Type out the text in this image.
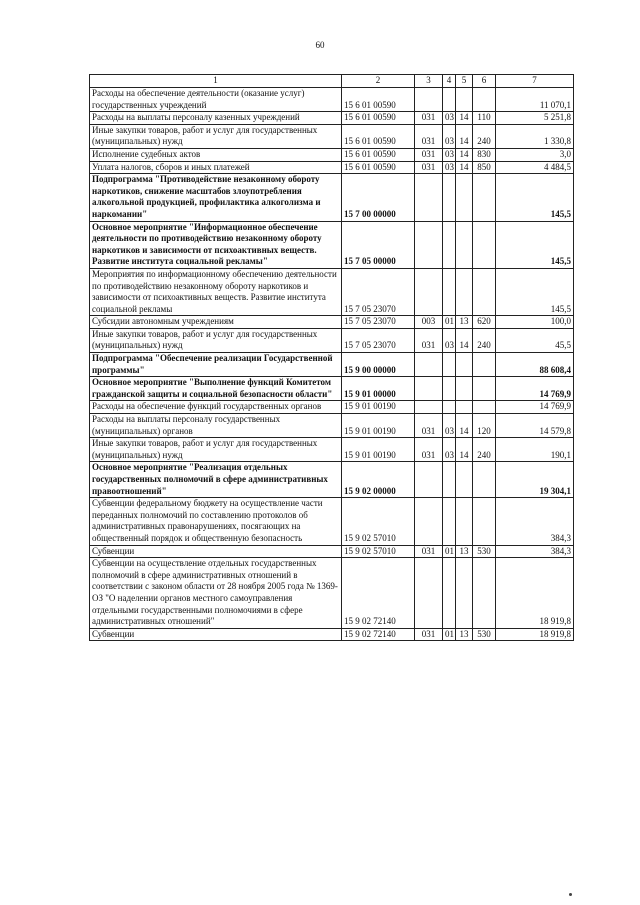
60
1	2	3	4	5	6	7
Расходы на обеспечение деятельности (оказание услуг) государственных учреждений	15 6 01 00590					11 070,1
Расходы на выплаты персоналу казенных учреждений	15 6 01 00590	031	03	14	110	5 251,8
Иные закупки товаров, работ и услуг для государственных (муниципальных) нужд	15 6 01 00590	031	03	14	240	1 330,8
Исполнение судебных актов	15 6 01 00590	031	03	14	830	3,0
Уплата налогов, сборов и иных платежей	15 6 01 00590	031	03	14	850	4 484,5
Подпрограмма "Противодействие незаконному обороту наркотиков, снижение масштабов злоупотребления алкогольной продукцией, профилактика алкоголизма и наркомании"	15 7 00 00000					145,5
Основное мероприятие "Информационное обеспечение деятельности по противодействию незаконному обороту наркотиков и зависимости от психоактивных веществ. Развитие института социальной рекламы"	15 7 05 00000					145,5
Мероприятия по информационному обеспечению деятельности по противодействию незаконному обороту наркотиков и зависимости от психоактивных веществ. Развитие института социальной рекламы	15 7 05 23070					145,5
Субсидии автономным учреждениям	15 7 05 23070	003	01	13	620	100,0
Иные закупки товаров, работ и услуг для государственных (муниципальных) нужд	15 7 05 23070	031	03	14	240	45,5
Подпрограмма "Обеспечение реализации Государственной программы"	15 9 00 00000					88 608,4
Основное мероприятие "Выполнение функций Комитетом гражданской защиты и социальной безопасности области"	15 9 01 00000					14 769,9
Расходы на обеспечение функций государственных органов	15 9 01 00190					14 769,9
Расходы на выплаты персоналу государственных (муниципальных) органов	15 9 01 00190	031	03	14	120	14 579,8
Иные закупки товаров, работ и услуг для государственных (муниципальных) нужд	15 9 01 00190	031	03	14	240	190,1
Основное мероприятие "Реализация отдельных государственных полномочий в сфере административных правоотношений"	15 9 02 00000					19 304,1
Субвенции федеральному бюджету на осуществление части переданных полномочий по составлению протоколов об административных правонарушениях, посягающих на общественный порядок и общественную безопасность	15 9 02 57010					384,3
Субвенции	15 9 02 57010	031	01	13	530	384,3
Субвенции на осуществление отдельных государственных полномочий в сфере административных отношений в соответствии с законом области от 28 ноября 2005 года № 1369-ОЗ "О наделении органов местного самоуправления отдельными государственными полномочиями в сфере административных отношений"	15 9 02 72140					18 919,8
Субвенции	15 9 02 72140	031	01	13	530	18 919,8
